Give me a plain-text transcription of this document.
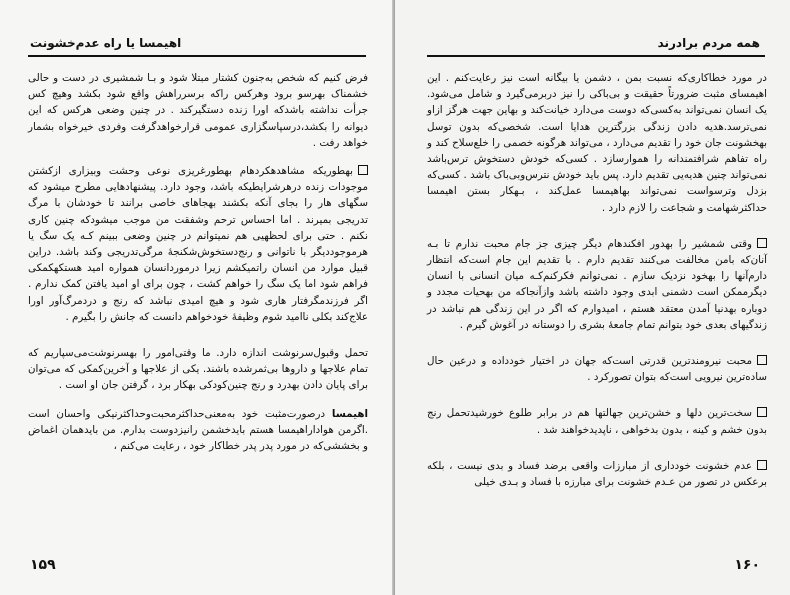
اهیمسا یا راه عدم‌خشونت

فرض کنیم که شخص به‌جنون کشتار مبتلا شود و بـا شمشیری در دست و حالی خشمناک بهرسو برود وهرکس راکه برسرراهش واقع شود بکشد وهیچ کس جرأت نداشته باشدکه اورا زنده دستگیرکند . در چنین وضعی هرکس که این دیوانه را بکشد،درسپاسگزاری عمومی قرارخواهدگرفت وفردی خیرخواه بشمار خواهد رفت .

بهطوریکه مشاهدهکردهام بهطورغریزی نوعی وحشت وبیزاری ازکشتن موجودات زنده درهرشرایطیکه باشد، وجود دارد. پیشنهادهایی مطرح میشود که سگهای هار را بجای آنکه بکشند بهجاهای خاصی برانند تا خودشان با مرگ تدریجی بمیرند . اما احساس ترحم وشفقت من موجب میشودکه چنین کاری نکنم . حتی برای لحظهیی هم نمیتوانم در چنین وضعی ببینم کـه یک سگ یا هرموجوددیگر با ناتوانی و رنج‌دستخوش‌شکنجهٔ مرگی‌تدریجی وکند باشد. دراین قبیل موارد من انسان راتمیکشم زیرا درموردانسان همواره امید هستکهکمکی فراهم شود اما یک سگ را خواهم کشت ، چون برای او امید یافتن کمک ندارم . اگر فرزندمگرفتار هاری شود و هیچ امیدی نباشد که رنج و دردمرگ‌آور اورا علاج‌کند بکلی ناامید شوم وظیفهٔ خودخواهم دانست که جانش را بگیرم .

تحمل وقبول‌سرنوشت اندازه دارد. ما وقتی‌امور را بهسرنوشت‌می‌سپاریم که تمام علاجها و داروها بی‌ثمرشده باشند. یکی از علاجها و آخرین‌کمکی که می‌توان برای پایان دادن بهدرد و رنج چنین‌کودکی بهکار برد ، گرفتن جان او است .

اهیمسا درصورت‌مثبت خود به‌معنی‌حداکثر‌محبت‌وحداکثر‌نیکی واحسان است .اگرمن هواداراهیمسا هستم بایدخشمن رانیزدوست بدارم. من بایدهمان اغماض و بخششی‌که در مورد پدر پدر خطاکار خود ، رعایت می‌کنم ،

۱۵۹
همه مردم برادرند

در مورد خطاکاری‌که نسبت بمن ، دشمن یا بیگانه است نیز رعایت‌کنم . این اهیمسای مثبت ضرورتاً حقیقت و بی‌باکی را نیز دربرمی‌گیرد و شامل می‌شود. یک انسان نمی‌تواند به‌کسی‌که دوست می‌دارد خیانت‌کند و بهاین جهت هرگز ازاو نمی‌ترسد.هدیه دادن زندگی بزرگترین هدایا است. شخصی‌که بدون توسل بهخشونت جان خود را تقدیم می‌دارد ، می‌تواند هرگونه خصمی را خلع‌سلاح کند و راه تفاهم شرافتمندانه را هموارسازد . کسی‌که خودش دستخوش ترس‌باشد نمی‌تواند چنین هدیه‌یی تقدیم دارد. پس باید خودش نترس‌وبی‌باک باشد . کسی‌که بزدل وترسواست نمی‌تواند بهاهیمسا عمل‌کند ، بـهکار بستن اهیمسا حداکثرشهامت و شجاعت را لازم دارد .

وقتی شمشیر را بهدور افکندهام دیگر چیزی جز جام محبت ندارم تا بـه آنان‌که بامن مخالفت می‌کنند تقدیم دارم . با تقدیم این جام است‌که انتظار دارم‌آنها را بهخود نزدیک سازم . نمی‌توانم فکرکنم‌کـه میان انسانی با انسان دیگرممکن است دشمنی ابدی وجود داشته باشد وازآنجاکه من بهحیات مجدد و دوباره بهدنیا آمدن معتقد هستم ، امیدوارم که اگر در این زندگی هم نباشد در زندگیهای بعدی خود بتوانم تمام جامعهٔ بشری را دوستانه در آغوش گیرم .

محبت نیرومندترین قدرتی است‌که جهان در اختیار خودداده و درعین حال ساده‌ترین نیرویی است‌که بتوان تصورکرد .

سخت‌ترین دلها و خشن‌ترین جهالتها هم در برابر طلوع خورشیدتحمل رنج بدون خشم و کینه ، بدون بدخواهی ، ناپدیدخواهند شد .

عدم خشونت خودداری از مبارزات واقعی برضد فساد و بدی نیست ، بلکه برعکس در تصور من عـدم خشونت برای مبارزه با فساد و بـدی خیلی

۱۶۰
